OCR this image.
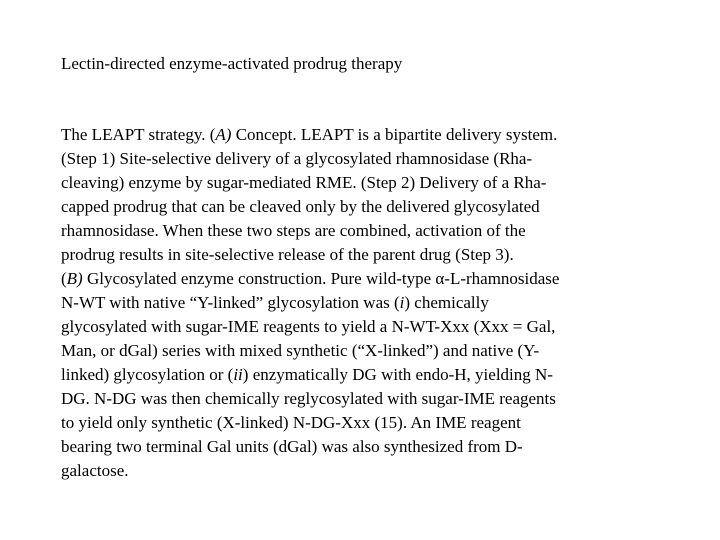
Lectin-directed enzyme-activated prodrug therapy
The LEAPT strategy. (A) Concept. LEAPT is a bipartite delivery system.
(Step 1) Site-selective delivery of a glycosylated rhamnosidase (Rha-
cleaving) enzyme by sugar-mediated RME. (Step 2) Delivery of a Rha-
capped prodrug that can be cleaved only by the delivered glycosylated
rhamnosidase. When these two steps are combined, activation of the
prodrug results in site-selective release of the parent drug (Step 3).
(B) Glycosylated enzyme construction. Pure wild-type α-L-rhamnosidase
N-WT with native “Y-linked” glycosylation was (i) chemically
glycosylated with sugar-IME reagents to yield a N-WT-Xxx (Xxx = Gal,
Man, or dGal) series with mixed synthetic (“X-linked”) and native (Y-
linked) glycosylation or (ii) enzymatically DG with endo-H, yielding N-
DG. N-DG was then chemically reglycosylated with sugar-IME reagents
to yield only synthetic (X-linked) N-DG-Xxx (15). An IME reagent
bearing two terminal Gal units (dGal) was also synthesized from D-
galactose.
